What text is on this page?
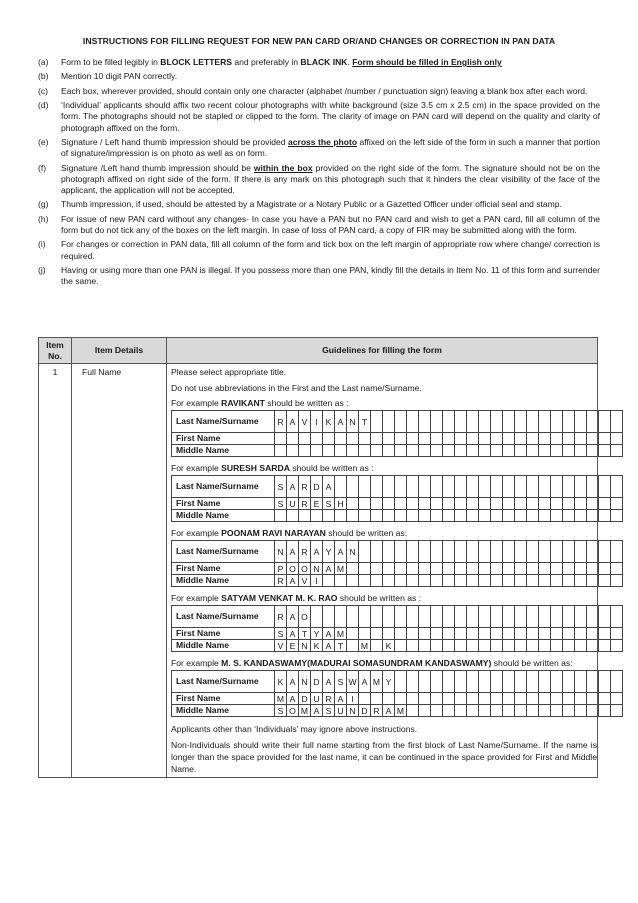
INSTRUCTIONS FOR FILLING REQUEST FOR NEW PAN CARD OR/AND CHANGES OR CORRECTION IN PAN DATA
(a) Form to be filled legibly in BLOCK LETTERS and preferably in BLACK INK. Form should be filled in English only
(b) Mention 10 digit PAN correctly.
(c) Each box, wherever provided, should contain only one character (alphabet /number / punctuation sign) leaving a blank box after each word.
(d) ‘Individual’ applicants should affix two recent colour photographs with white background (size 3.5 cm x 2.5 cm) in the space provided on the form. The photographs should not be stapled or clipped to the form. The clarity of image on PAN card will depend on the quality and clarity of photograph affixed on the form.
(e) Signature / Left hand thumb impression should be provided across the photo affixed on the left side of the form in such a manner that portion of signature/impression is on photo as well as on form.
(f) Signature /Left hand thumb impression should be within the box provided on the right side of the form. The signature should not be on the photograph affixed on right side of the form. If there is any mark on this photograph such that it hinders the clear visibility of the face of the applicant, the application will not be accepted.
(g) Thumb impression, if used, should be attested by a Magistrate or a Notary Public or a Gazetted Officer under official seal and stamp.
(h) For issue of new PAN card without any changes- In case you have a PAN but no PAN card and wish to get a PAN card, fill all column of the form but do not tick any of the boxes on the left margin. In case of loss of PAN card, a copy of FIR may be submitted along with the form.
(i) For changes or correction in PAN data, fill all column of the form and tick box on the left margin of appropriate row where change/ correction is required.
(j) Having or using more than one PAN is illegal. If you possess more than one PAN, kindly fill the details in Item No. 11 of this form and surrender the same.
Item No.	Item Details	Guidelines for filling the form
1	Full Name	Please select appropriate title.
Do not use abbreviations in the First and the Last name/Surname.
For example RAVIKANT should be written as :
Last Name/Surname	R	A	V	I	K	A	N	T																					
First Name																													
Middle Name																													
For example SURESH SARDA should be written as :
Last Name/Surname	S	A	R	D	A																								
First Name	S	U	R	E	S	H																							
Middle Name																													
For example POONAM RAVI NARAYAN should be written as:
Last Name/Surname	N	A	R	A	Y	A	N																						
First Name	P	O	O	N	A	M																							
Middle Name	R	A	V	I																									
For example SATYAM VENKAT M. K. RAO should be written as :
Last Name/Surname	R	A	O																										
First Name	S	A	T	Y	A	M																							
Middle Name	V	E	N	K	A	T		M		K																			
For example M. S. KANDASWAMY(MADURAI SOMASUNDRAM KANDASWAMY) should be written as:
Last Name/Surname	K	A	N	D	A	S	W	A	M	Y																			
First Name	M	A	D	U	R	A	I																						
Middle Name	S	O	M	A	S	U	N	D	R	A	M																		
Applicants other than ‘Individuals’ may ignore above instructions.
Non-Individuals should write their full name starting from the first block of Last Name/Surname. If the name is longer than the space provided for the last name, it can be continued in the space provided for First and Middle Name.
